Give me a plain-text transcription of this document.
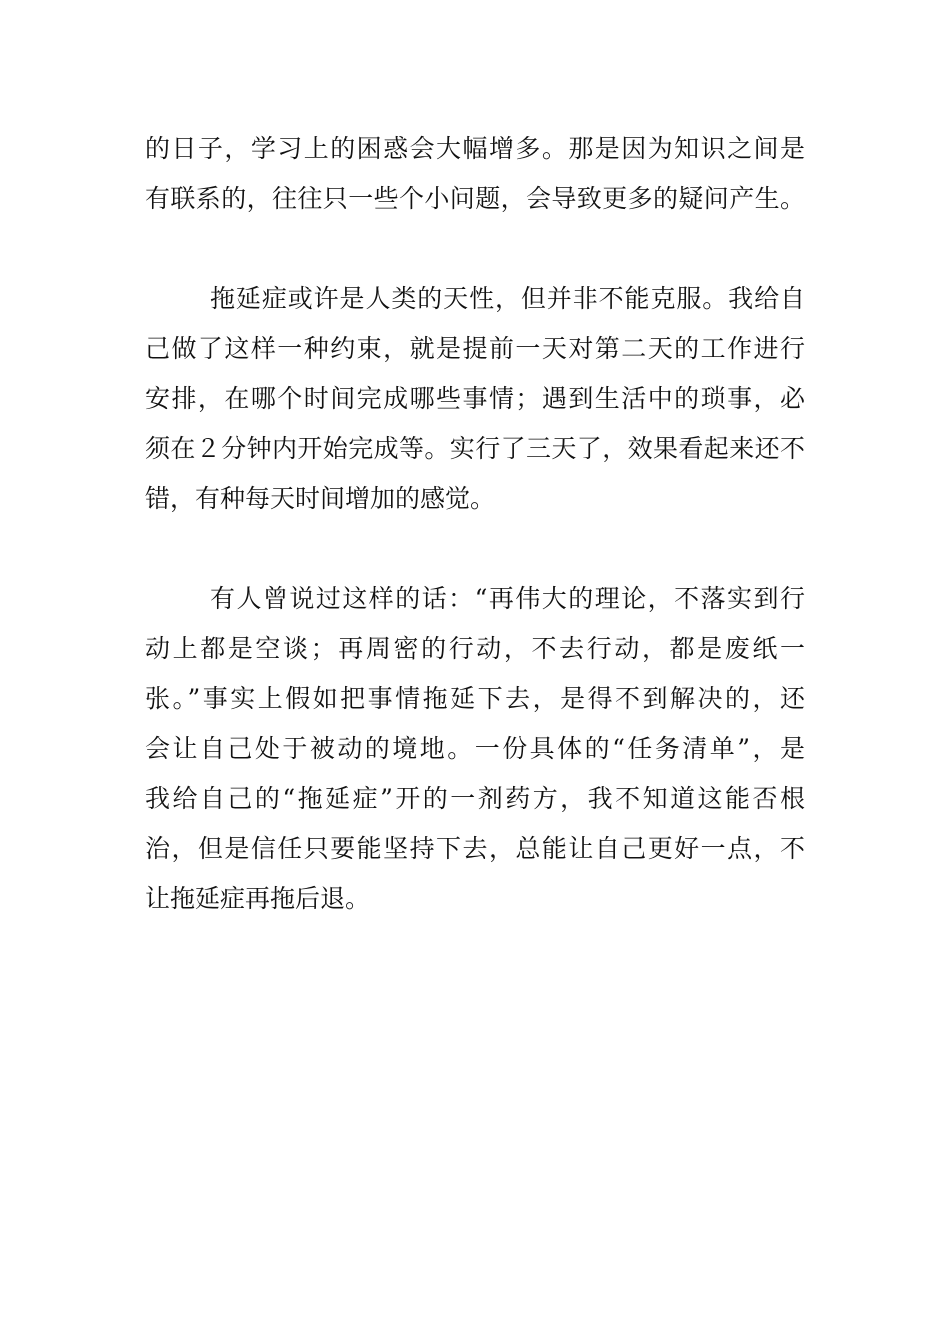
的日子，学习上的困惑会大幅增多。那是因为知识之间是

有联系的，往往只一些个小问题，会导致更多的疑问产生。

拖延症或许是人类的天性，但并非不能克服。我给自

己做了这样一种约束，就是提前一天对第二天的工作进行

安排，在哪个时间完成哪些事情；遇到生活中的琐事，必

须在２分钟内开始完成等。实行了三天了，效果看起来还不

错，有种每天时间增加的感觉。

有人曾说过这样的话：“再伟大的理论，不落实到行

动上都是空谈；再周密的行动，不去行动，都是废纸一

张。”事实上假如把事情拖延下去，是得不到解决的，还

会让自己处于被动的境地。一份具体的“任务清单”，是

我给自己的“拖延症”开的一剂药方，我不知道这能否根

治，但是信任只要能坚持下去，总能让自己更好一点，不

让拖延症再拖后退。
